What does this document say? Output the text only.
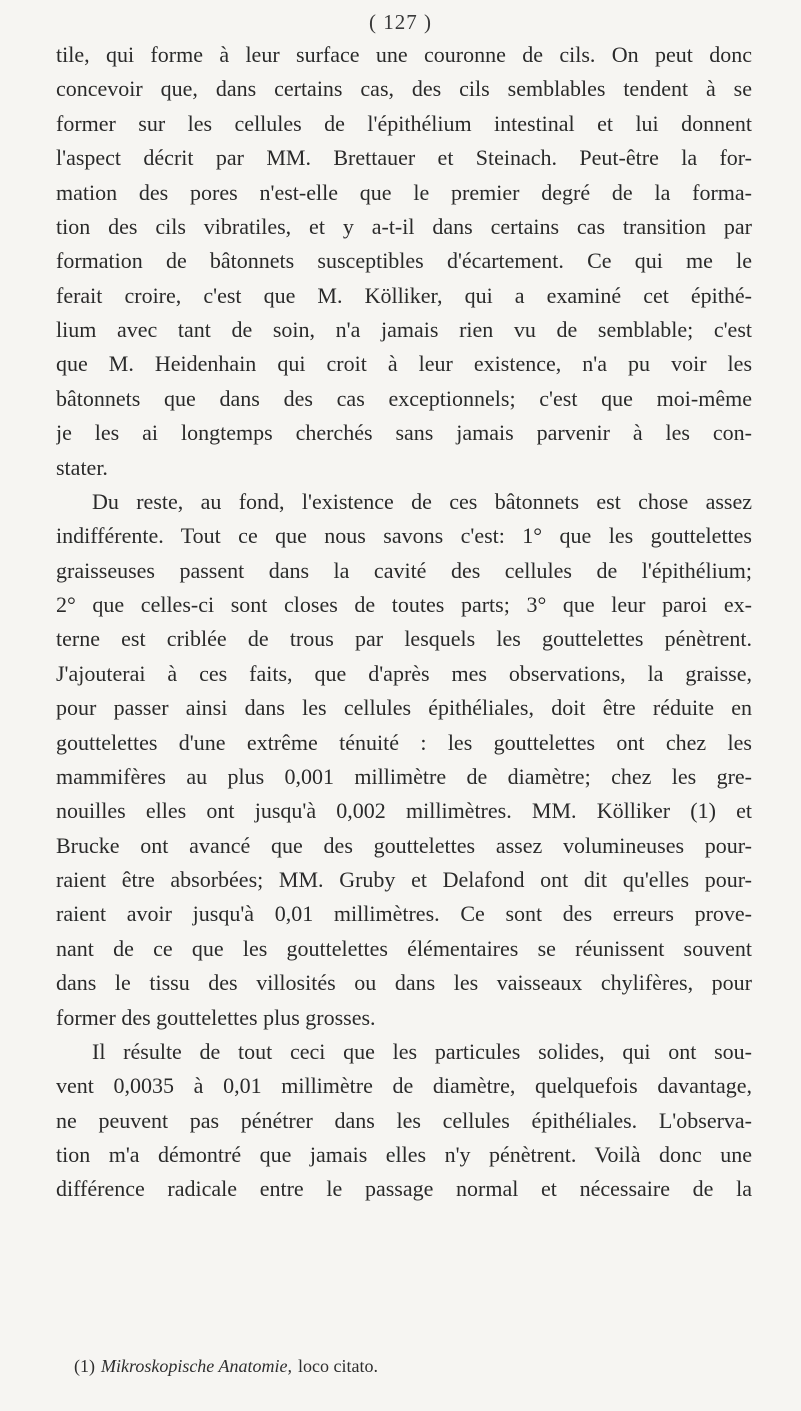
( 127 )
tile, qui forme à leur surface une couronne de cils. On peut donc
concevoir que, dans certains cas, des cils semblables tendent à se
former sur les cellules de l'épithélium intestinal et lui donnent
l'aspect décrit par MM. Brettauer et Steinach. Peut-être la for-
mation des pores n'est-elle que le premier degré de la forma-
tion des cils vibratiles, et y a-t-il dans certains cas transition par
formation de bâtonnets susceptibles d'écartement. Ce qui me le
ferait croire, c'est que M. Kölliker, qui a examiné cet épithé-
lium avec tant de soin, n'a jamais rien vu de semblable; c'est
que M. Heidenhain qui croit à leur existence, n'a pu voir les
bâtonnets que dans des cas exceptionnels; c'est que moi-même
je les ai longtemps cherchés sans jamais parvenir à les con-
stater.
Du reste, au fond, l'existence de ces bâtonnets est chose assez
indifférente. Tout ce que nous savons c'est: 1° que les gouttelettes
graisseuses passent dans la cavité des cellules de l'épithélium;
2° que celles-ci sont closes de toutes parts; 3° que leur paroi ex-
terne est criblée de trous par lesquels les gouttelettes pénètrent.
J'ajouterai à ces faits, que d'après mes observations, la graisse,
pour passer ainsi dans les cellules épithéliales, doit être réduite en
gouttelettes d'une extrême ténuité : les gouttelettes ont chez les
mammifères au plus 0,001 millimètre de diamètre; chez les gre-
nouilles elles ont jusqu'à 0,002 millimètres. MM. Kölliker (1) et
Brucke ont avancé que des gouttelettes assez volumineuses pour-
raient être absorbées; MM. Gruby et Delafond ont dit qu'elles pour-
raient avoir jusqu'à 0,01 millimètres. Ce sont des erreurs prove-
nant de ce que les gouttelettes élémentaires se réunissent souvent
dans le tissu des villosités ou dans les vaisseaux chylifères, pour
former des gouttelettes plus grosses.
Il résulte de tout ceci que les particules solides, qui ont sou-
vent 0,0035 à 0,01 millimètre de diamètre, quelquefois davantage,
ne peuvent pas pénétrer dans les cellules épithéliales. L'observa-
tion m'a démontré que jamais elles n'y pénètrent. Voilà donc une
différence radicale entre le passage normal et nécessaire de la
(1) Mikroskopische Anatomie, loco citato.
